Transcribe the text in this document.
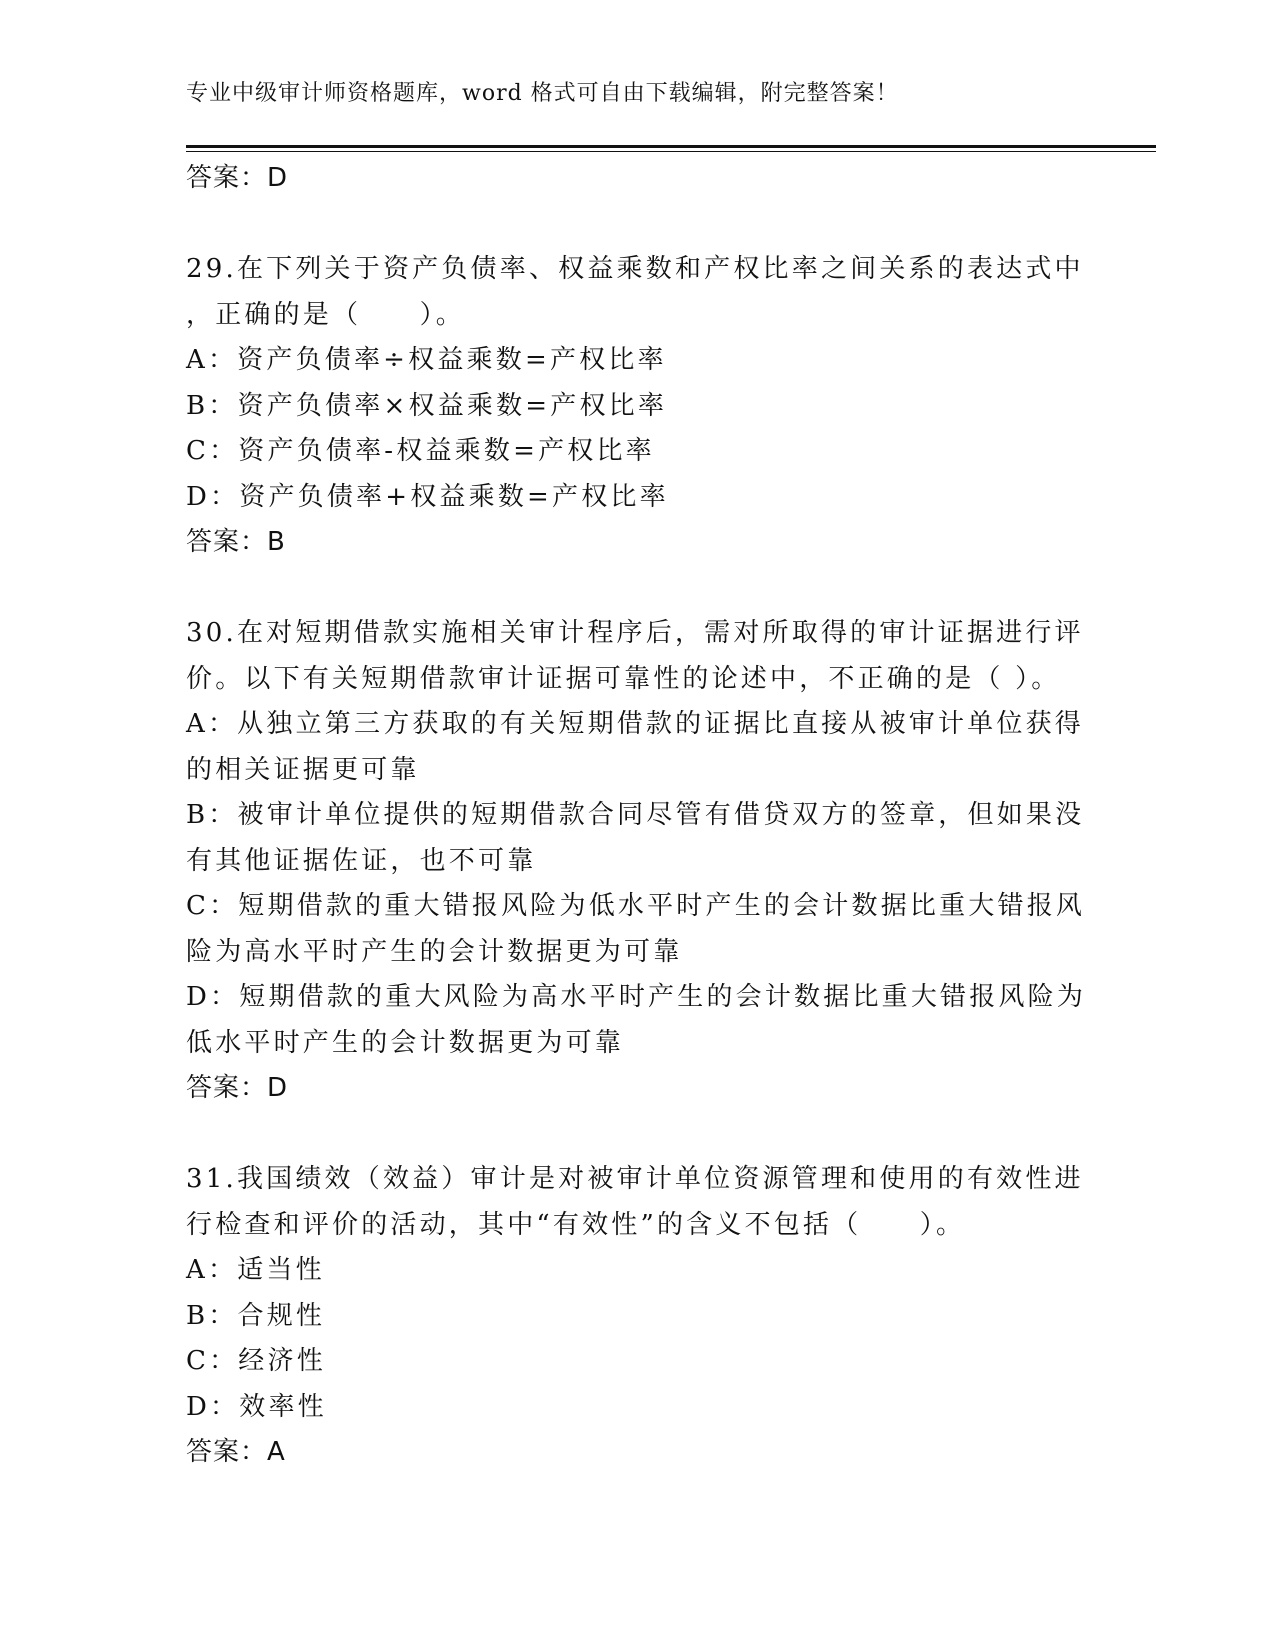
专业中级审计师资格题库，word 格式可自由下载编辑，附完整答案！
答案：D
29.在下列关于资产负债率、权益乘数和产权比率之间关系的表达式中
，正确的是（　　）。
A：资产负债率÷权益乘数=产权比率
B：资产负债率×权益乘数=产权比率
C：资产负债率-权益乘数=产权比率
D：资产负债率+权益乘数=产权比率
答案：B
30.在对短期借款实施相关审计程序后，需对所取得的审计证据进行评
价。以下有关短期借款审计证据可靠性的论述中，不正确的是（ ）。
A：从独立第三方获取的有关短期借款的证据比直接从被审计单位获得
的相关证据更可靠
B：被审计单位提供的短期借款合同尽管有借贷双方的签章，但如果没
有其他证据佐证，也不可靠
C：短期借款的重大错报风险为低水平时产生的会计数据比重大错报风
险为高水平时产生的会计数据更为可靠
D：短期借款的重大风险为高水平时产生的会计数据比重大错报风险为
低水平时产生的会计数据更为可靠
答案：D
31.我国绩效（效益）审计是对被审计单位资源管理和使用的有效性进
行检查和评价的活动，其中“有效性”的含义不包括（　　）。
A：适当性
B：合规性
C：经济性
D：效率性
答案：A
